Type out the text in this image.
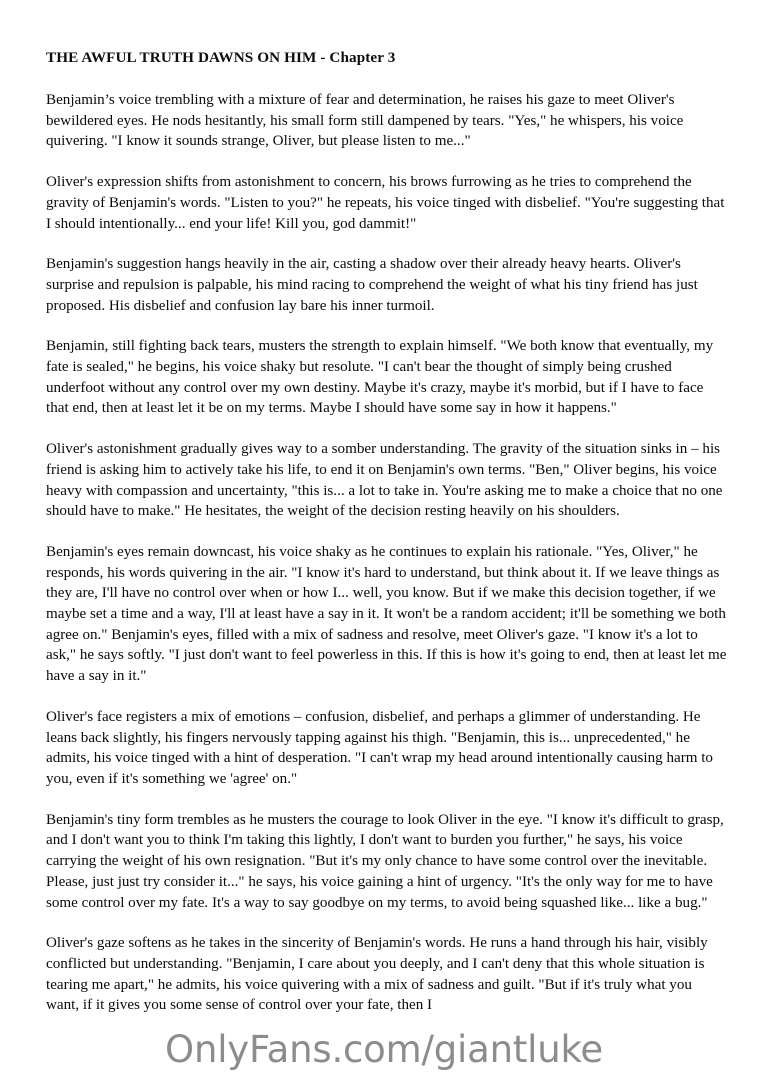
THE AWFUL TRUTH DAWNS ON HIM - Chapter 3

Benjamin’s voice trembling with a mixture of fear and determination, he raises his gaze to meet Oliver's bewildered eyes. He nods hesitantly, his small form still dampened by tears. "Yes," he whispers, his voice quivering. "I know it sounds strange, Oliver, but please listen to me..."

Oliver's expression shifts from astonishment to concern, his brows furrowing as he tries to comprehend the gravity of Benjamin's words. "Listen to you?" he repeats, his voice tinged with disbelief. "You're suggesting that I should intentionally... end your life! Kill you, god dammit!"

Benjamin's suggestion hangs heavily in the air, casting a shadow over their already heavy hearts. Oliver's surprise and repulsion is palpable, his mind racing to comprehend the weight of what his tiny friend has just proposed. His disbelief and confusion lay bare his inner turmoil.

Benjamin, still fighting back tears, musters the strength to explain himself. "We both know that eventually, my fate is sealed," he begins, his voice shaky but resolute. "I can't bear the thought of simply being crushed underfoot without any control over my own destiny. Maybe it's crazy, maybe it's morbid, but if I have to face that end, then at least let it be on my terms. Maybe I should have some say in how it happens."

Oliver's astonishment gradually gives way to a somber understanding. The gravity of the situation sinks in – his friend is asking him to actively take his life, to end it on Benjamin's own terms. "Ben," Oliver begins, his voice heavy with compassion and uncertainty, "this is... a lot to take in. You're asking me to make a choice that no one should have to make." He hesitates, the weight of the decision resting heavily on his shoulders.

Benjamin's eyes remain downcast, his voice shaky as he continues to explain his rationale. "Yes, Oliver," he responds, his words quivering in the air. "I know it's hard to understand, but think about it. If we leave things as they are, I'll have no control over when or how I... well, you know. But if we make this decision together, if we maybe set a time and a way, I'll at least have a say in it. It won't be a random accident; it'll be something we both agree on." Benjamin's eyes, filled with a mix of sadness and resolve, meet Oliver's gaze. "I know it's a lot to ask," he says softly. "I just don't want to feel powerless in this. If this is how it's going to end, then at least let me have a say in it."

Oliver's face registers a mix of emotions – confusion, disbelief, and perhaps a glimmer of understanding. He leans back slightly, his fingers nervously tapping against his thigh. "Benjamin, this is... unprecedented," he admits, his voice tinged with a hint of desperation. "I can't wrap my head around intentionally causing harm to you, even if it's something we 'agree' on."

Benjamin's tiny form trembles as he musters the courage to look Oliver in the eye. "I know it's difficult to grasp, and I don't want you to think I'm taking this lightly, I don't want to burden you further," he says, his voice carrying the weight of his own resignation. "But it's my only chance to have some control over the inevitable. Please, just just try consider it..." he says, his voice gaining a hint of urgency. "It's the only way for me to have some control over my fate. It's a way to say goodbye on my terms, to avoid being squashed like... like a bug."

Oliver's gaze softens as he takes in the sincerity of Benjamin's words. He runs a hand through his hair, visibly conflicted but understanding. "Benjamin, I care about you deeply, and I can't deny that this whole situation is tearing me apart," he admits, his voice quivering with a mix of sadness and guilt. "But if it's truly what you want, if it gives you some sense of control over your fate, then I

OnlyFans.com/giantluke
